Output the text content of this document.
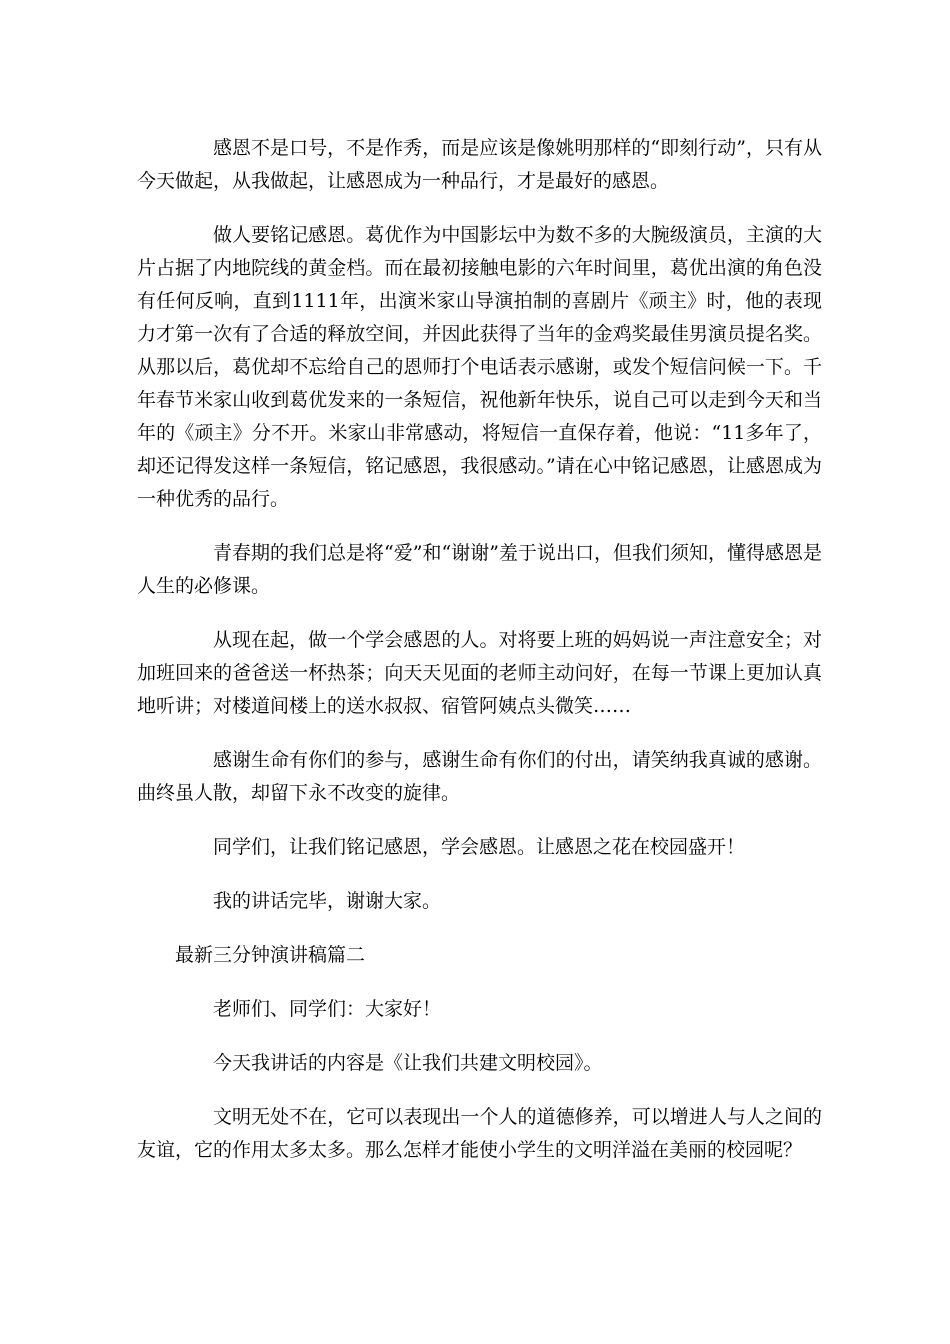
感恩不是口号，不是作秀，而是应该是像姚明那样的“即刻行动”，只有从今天做起，从我做起，让感恩成为一种品行，才是最好的感恩。

做人要铭记感恩。葛优作为中国影坛中为数不多的大腕级演员，主演的大片占据了内地院线的黄金档。而在最初接触电影的六年时间里，葛优出演的角色没有任何反响，直到1111年，出演米家山导演拍制的喜剧片《顽主》时，他的表现力才第一次有了合适的释放空间，并因此获得了当年的金鸡奖最佳男演员提名奖。从那以后，葛优却不忘给自己的恩师打个电话表示感谢，或发个短信问候一下。千年春节米家山收到葛优发来的一条短信，祝他新年快乐，说自己可以走到今天和当年的《顽主》分不开。米家山非常感动，将短信一直保存着，他说：“11多年了，却还记得发这样一条短信，铭记感恩，我很感动。”请在心中铭记感恩，让感恩成为一种优秀的品行。

青春期的我们总是将“爱”和“谢谢”羞于说出口，但我们须知，懂得感恩是人生的必修课。

从现在起，做一个学会感恩的人。对将要上班的妈妈说一声注意安全；对加班回来的爸爸送一杯热茶；向天天见面的老师主动问好，在每一节课上更加认真地听讲；对楼道间楼上的送水叔叔、宿管阿姨点头微笑……

感谢生命有你们的参与，感谢生命有你们的付出，请笑纳我真诚的感谢。曲终虽人散，却留下永不改变的旋律。

同学们，让我们铭记感恩，学会感恩。让感恩之花在校园盛开！

我的讲话完毕，谢谢大家。

最新三分钟演讲稿篇二

老师们、同学们：大家好！

今天我讲话的内容是《让我们共建文明校园》。

文明无处不在，它可以表现出一个人的道德修养，可以增进人与人之间的友谊，它的作用太多太多。那么怎样才能使小学生的文明洋溢在美丽的校园呢？
